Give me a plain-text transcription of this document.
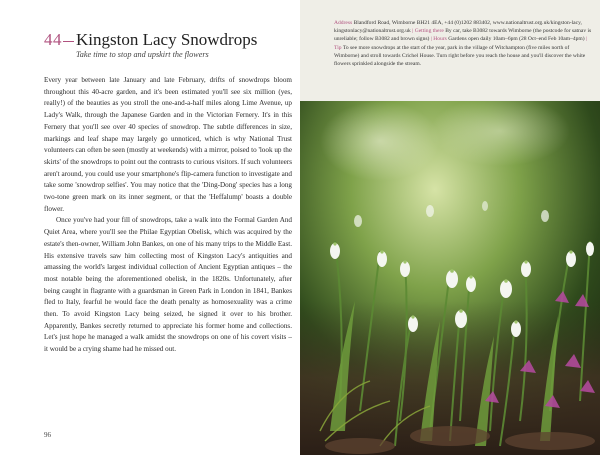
44 Kingston Lacy Snowdrops
Take time to stop and upskirt the flowers

Every year between late January and late February, drifts of snowdrops bloom throughout this 40-acre garden, and it's been estimated you'll see six million (yes, really!) of the beauties as you stroll the one-and-a-half miles along Lime Avenue, up Lady's Walk, through the Japanese Garden and in the Victorian Fernery. It's in this Fernery that you'll see over 40 species of snowdrop. The subtle differences in size, markings and leaf shape may largely go unnoticed, which is why National Trust volunteers can often be seen (mostly at weekends) with a mirror, poised to 'look up the skirts' of the snowdrops to point out the contrasts to curious visitors. If such volunteers aren't around, you could use your smartphone's flip-camera function to investigate and take some 'snowdrop selfies'. You may notice that the 'Ding-Dong' species has a long two-tone green mark on its inner segment, or that the 'Heffalump' boasts a double flower.

Once you've had your fill of snowdrops, take a walk into the Formal Garden And Quiet Area, where you'll see the Philae Egyptian Obelisk, which was acquired by the estate's then-owner, William John Bankes, on one of his many trips to the Middle East. His extensive travels saw him collecting most of Kingston Lacy's antiquities and amassing the world's largest individual collection of Ancient Egyptian antiques – the most notable being the aforementioned obelisk, in the 1820s. Unfortunately, after being caught in flagrante with a guardsman in Green Park in London in 1841, Bankes fled to Italy, fearful he would face the death penalty as homosexuality was a crime then. To avoid Kingston Lacy being seized, he signed it over to his brother. Apparently, Bankes secretly returned to appreciate his former home and collections. Let's just hope he managed a walk amidst the snowdrops on one of his covert visits – it would be a crying shame had he missed out.

96
Address Blandford Road, Wimborne BH21 4EA, +44 (0)1202 883402, www.nationaltrust.org.uk/kingston-lacy, kingstonlacy@nationaltrust.org.uk | Getting there By car, take B3082 towards Wimborne (the postcode for satnav is unreliable; follow B3082 and brown signs) | Hours Gardens open daily 10am–6pm (28 Oct–end Feb 10am–4pm) | Tip To see more snowdrops at the start of the year, park in the village of Witchampton (five miles north of Wimborne) and stroll towards Crichel House. Turn right before you reach the house and you'll discover the white flowers sprinkled alongside the stream.
